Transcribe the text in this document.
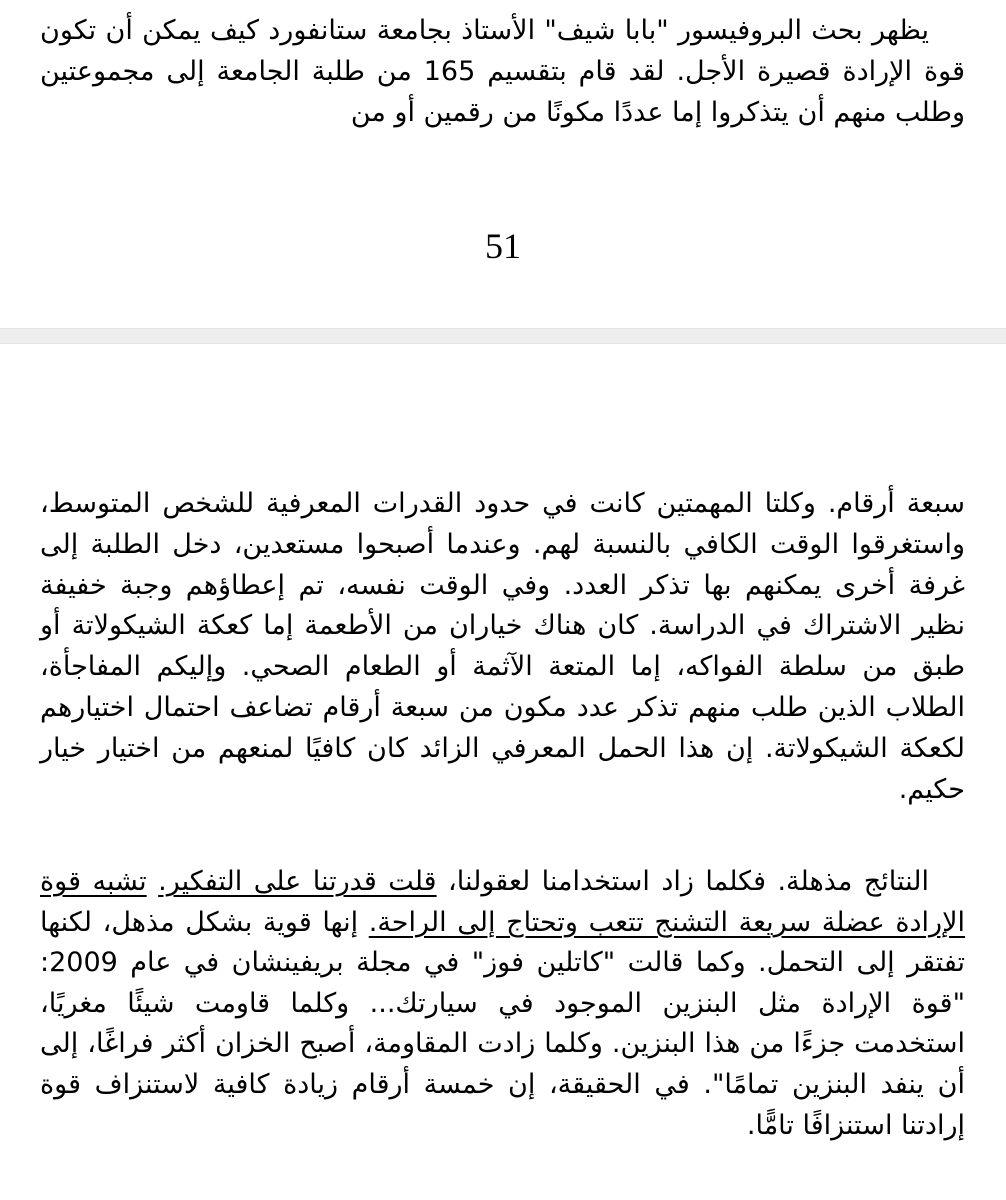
يظهر بحث البروفيسور "بابا شيف" الأستاذ بجامعة ستانفورد كيف يمكن أن تكون قوة الإرادة قصيرة الأجل. لقد قام بتقسيم 165 من طلبة الجامعة إلى مجموعتين وطلب منهم أن يتذكروا إما عددًا مكونًا من رقمين أو من

51

سبعة أرقام. وكلتا المهمتين كانت في حدود القدرات المعرفية للشخص المتوسط، واستغرقوا الوقت الكافي بالنسبة لهم. وعندما أصبحوا مستعدين، دخل الطلبة إلى غرفة أخرى يمكنهم بها تذكر العدد. وفي الوقت نفسه، تم إعطاؤهم وجبة خفيفة نظير الاشتراك في الدراسة. كان هناك خياران من الأطعمة إما كعكة الشيكولاتة أو طبق من سلطة الفواكه، إما المتعة الآثمة أو الطعام الصحي. وإليكم المفاجأة، الطلاب الذين طلب منهم تذكر عدد مكون من سبعة أرقام تضاعف احتمال اختيارهم لكعكة الشيكولاتة. إن هذا الحمل المعرفي الزائد كان كافيًا لمنعهم من اختيار خيار حكيم.

النتائج مذهلة. فكلما زاد استخدامنا لعقولنا، قلت قدرتنا على التفكير. تشبه قوة الإرادة عضلة سريعة التشنج تتعب وتحتاج إلى الراحة. إنها قوية بشكل مذهل، لكنها تفتقر إلى التحمل. وكما قالت "كاتلين فوز" في مجلة بريفينشان في عام 2009: "قوة الإرادة مثل البنزين الموجود في سيارتك... وكلما قاومت شيئًا مغريًا، استخدمت جزءًا من هذا البنزين. وكلما زادت المقاومة، أصبح الخزان أكثر فراغًا، إلى أن ينفد البنزين تمامًا". في الحقيقة، إن خمسة أرقام زيادة كافية لاستنزاف قوة إرادتنا استنزافًا تامًّا.
